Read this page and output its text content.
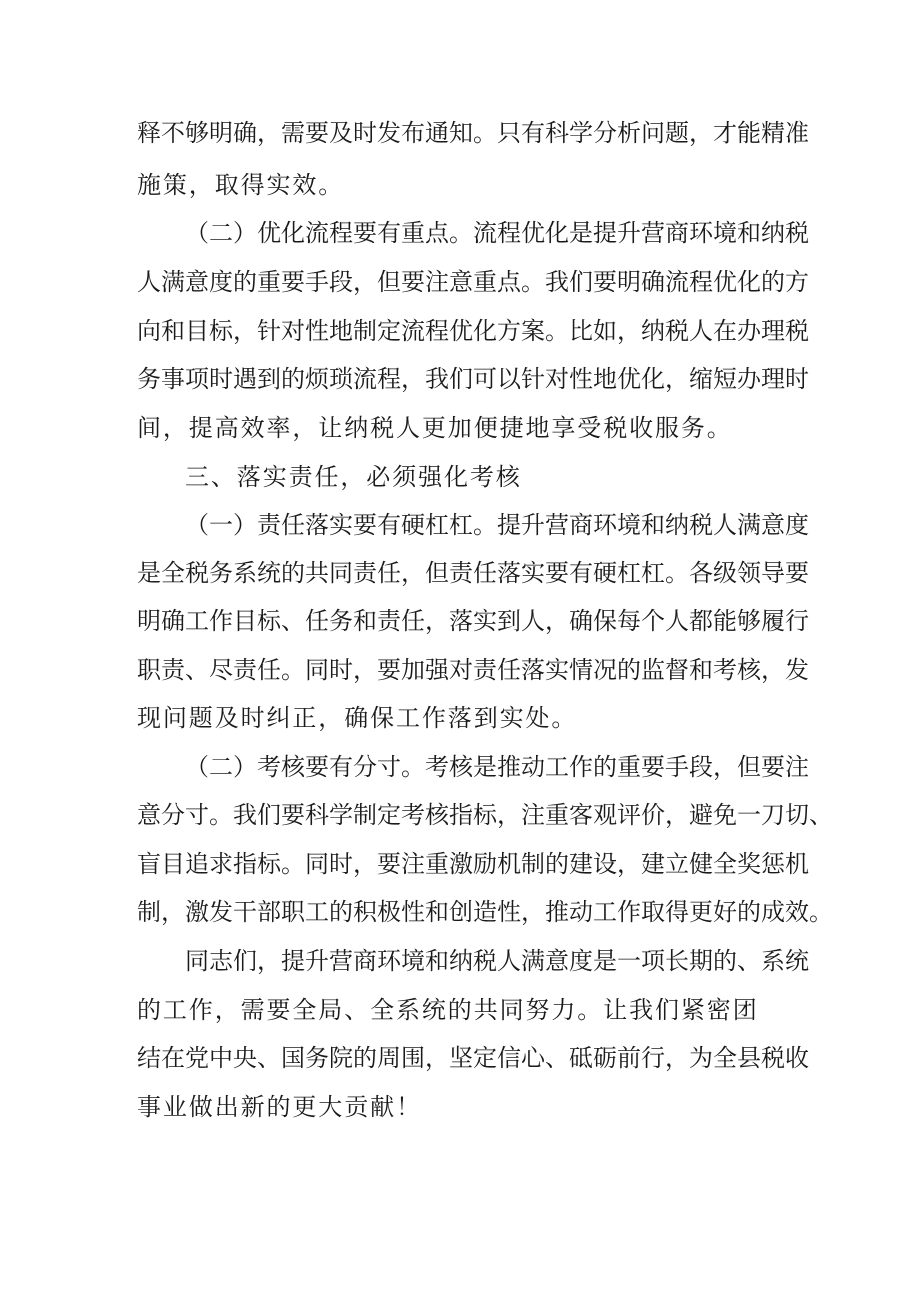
释不够明确，需要及时发布通知。只有科学分析问题，才能精准
施策，取得实效。
（二）优化流程要有重点。流程优化是提升营商环境和纳税
人满意度的重要手段，但要注意重点。我们要明确流程优化的方
向和目标，针对性地制定流程优化方案。比如，纳税人在办理税
务事项时遇到的烦琐流程，我们可以针对性地优化，缩短办理时
间，提高效率，让纳税人更加便捷地享受税收服务。
三、落实责任，必须强化考核
（一）责任落实要有硬杠杠。提升营商环境和纳税人满意度
是全税务系统的共同责任，但责任落实要有硬杠杠。各级领导要
明确工作目标、任务和责任，落实到人，确保每个人都能够履行
职责、尽责任。同时，要加强对责任落实情况的监督和考核，发
现问题及时纠正，确保工作落到实处。
（二）考核要有分寸。考核是推动工作的重要手段，但要注
意分寸。我们要科学制定考核指标，注重客观评价，避免一刀切、
盲目追求指标。同时，要注重激励机制的建设，建立健全奖惩机
制，激发干部职工的积极性和创造性，推动工作取得更好的成效。
同志们，提升营商环境和纳税人满意度是一项长期的、系统
的工作，需要全局、全系统的共同努力。让我们紧密团
结在党中央、国务院的周围，坚定信心、砥砺前行，为全县税收
事业做出新的更大贡献！
